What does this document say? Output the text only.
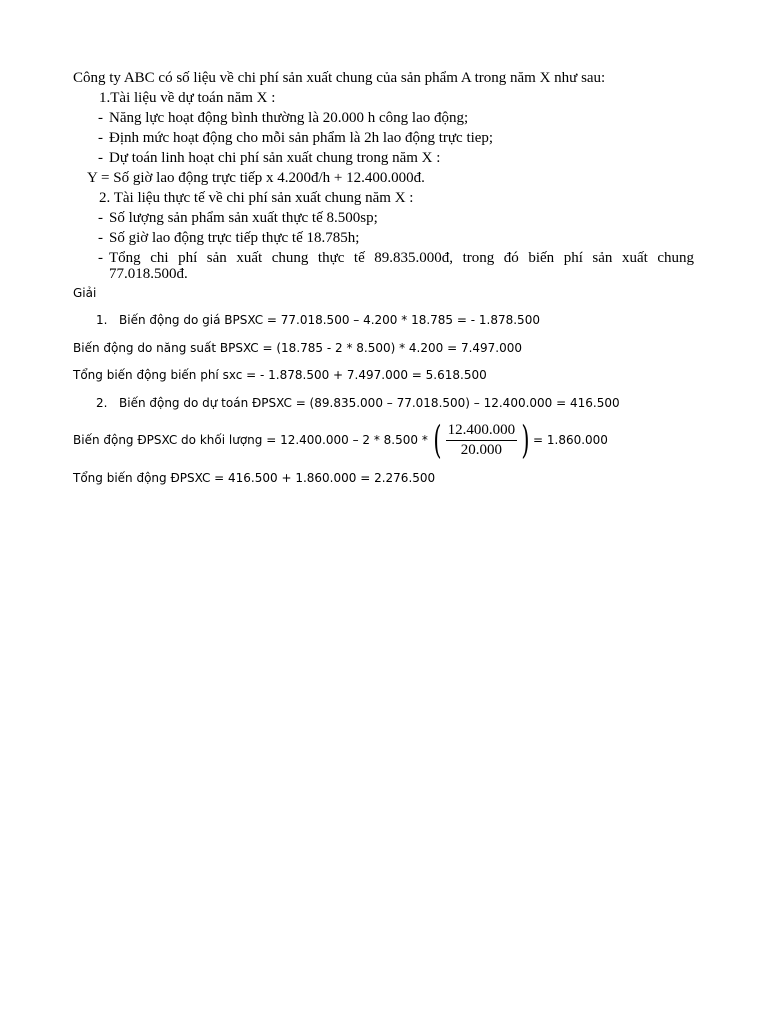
Công ty ABC có số liệu về chi phí sản xuất chung của sản phẩm A trong năm X như sau:
1.Tài liệu về dự toán năm X :
- Năng lực hoạt động bình thường là 20.000 h công lao động;
- Định mức hoạt động cho mỗi sản phẩm là 2h lao động trực tiep;
- Dự toán linh hoạt chi phí sản xuất chung trong năm X :
Y = Số giờ lao động trực tiếp x 4.200đ/h + 12.400.000đ.
2. Tài liệu thực tế về chi phí sản xuất chung năm X :
- Số lượng sản phẩm sản xuất thực tế 8.500sp;
- Số giờ lao động trực tiếp thực tế 18.785h;
- Tổng chi phí sản xuất chung thực tế 89.835.000đ, trong đó biến phí sản xuất chung
77.018.500đ.
Giải
1. Biến động do giá BPSXC = 77.018.500 – 4.200 * 18.785 = - 1.878.500
Biến động do năng suất BPSXC = (18.785 - 2 * 8.500) * 4.200 = 7.497.000
Tổng biến động biến phí sxc = - 1.878.500 + 7.497.000 = 5.618.500
2. Biến động do dự toán ĐPSXC = (89.835.000 – 77.018.500) – 12.400.000 = 416.500
Biến động ĐPSXC do khối lượng = 12.400.000 – 2 * 8.500 * ( $\frac{12.400.000}{20.000}$ ) = 1.860.000
Tổng biến động ĐPSXC = 416.500 + 1.860.000 = 2.276.500
